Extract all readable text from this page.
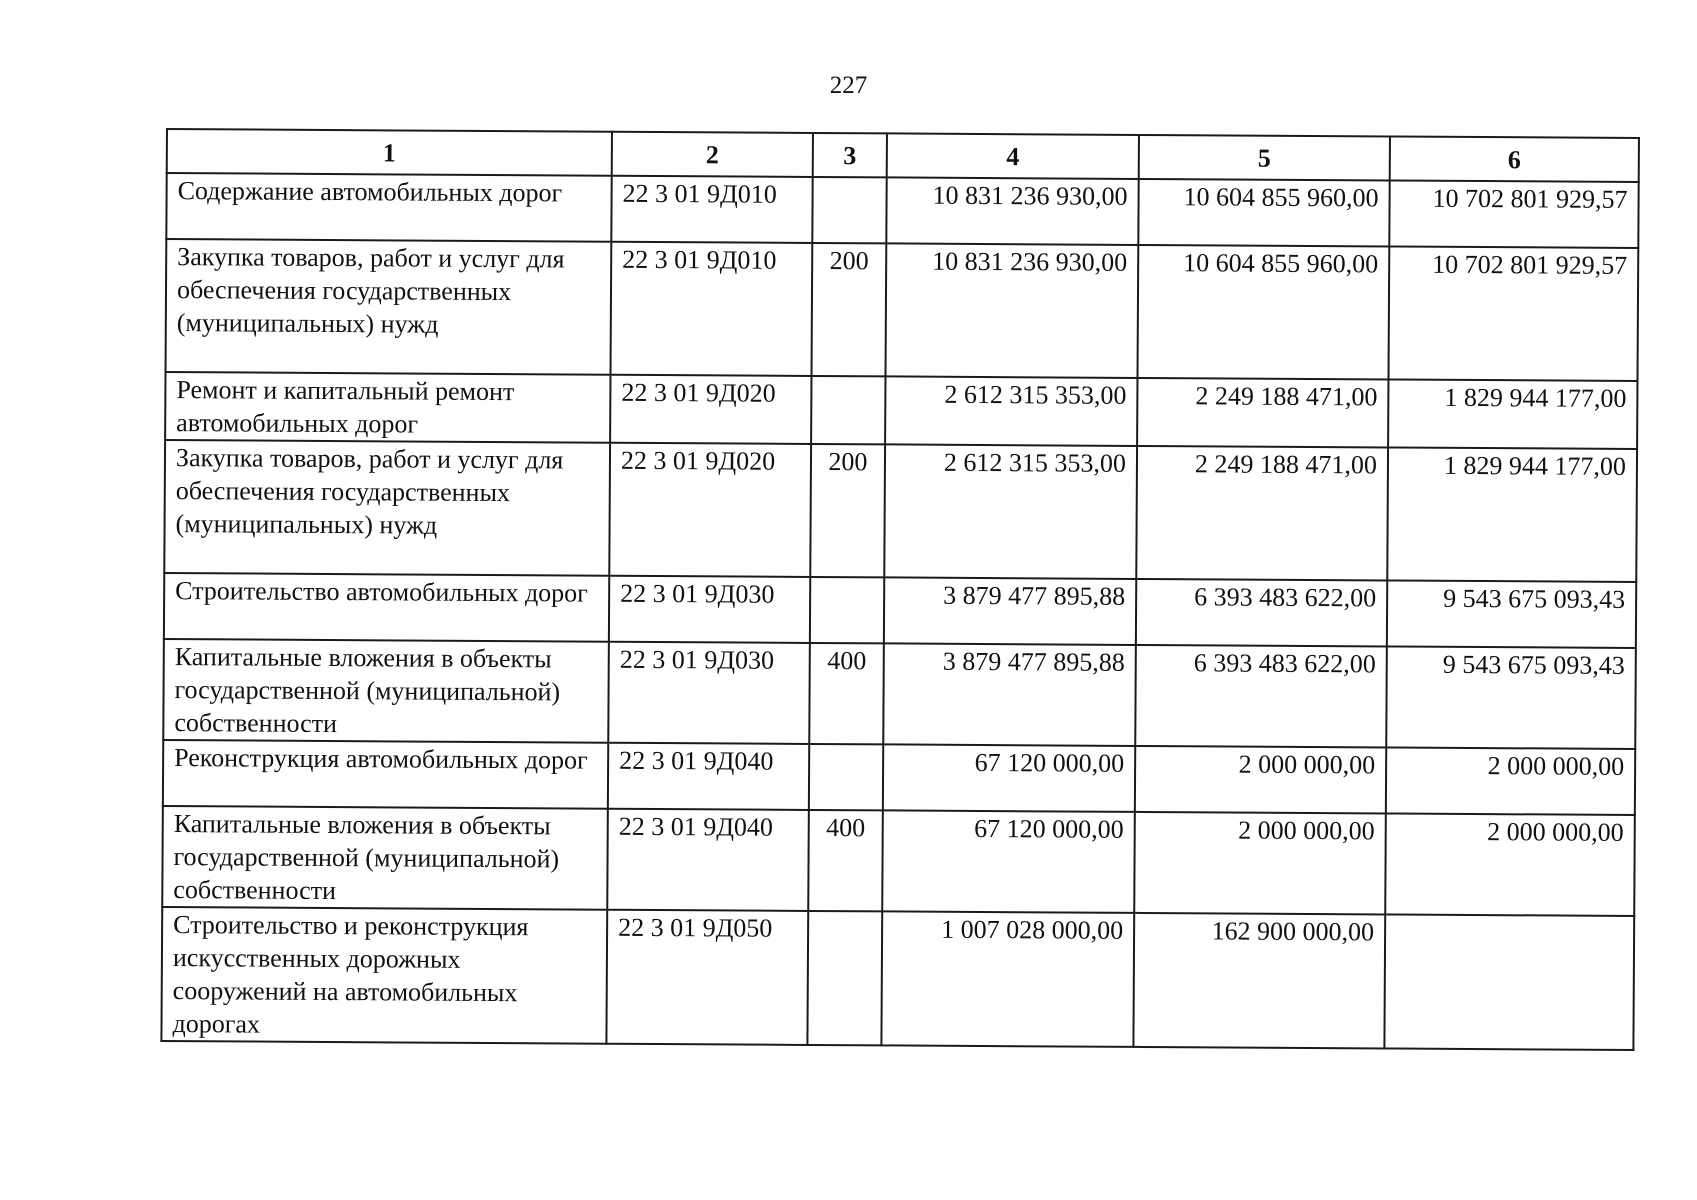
227
1	2	3	4	5	6
Содержание автомобильных дорог	22 3 01 9Д010		10 831 236 930,00	10 604 855 960,00	10 702 801 929,57
Закупка товаров, работ и услуг для обеспечения государственных (муниципальных) нужд	22 3 01 9Д010	200	10 831 236 930,00	10 604 855 960,00	10 702 801 929,57
Ремонт и капитальный ремонт автомобильных дорог	22 3 01 9Д020		2 612 315 353,00	2 249 188 471,00	1 829 944 177,00
Закупка товаров, работ и услуг для обеспечения государственных (муниципальных) нужд	22 3 01 9Д020	200	2 612 315 353,00	2 249 188 471,00	1 829 944 177,00
Строительство автомобильных дорог	22 3 01 9Д030		3 879 477 895,88	6 393 483 622,00	9 543 675 093,43
Капитальные вложения в объекты государственной (муниципальной) собственности	22 3 01 9Д030	400	3 879 477 895,88	6 393 483 622,00	9 543 675 093,43
Реконструкция автомобильных дорог	22 3 01 9Д040		67 120 000,00	2 000 000,00	2 000 000,00
Капитальные вложения в объекты государственной (муниципальной) собственности	22 3 01 9Д040	400	67 120 000,00	2 000 000,00	2 000 000,00
Строительство и реконструкция искусственных дорожных сооружений на автомобильных дорогах	22 3 01 9Д050		1 007 028 000,00	162 900 000,00	
